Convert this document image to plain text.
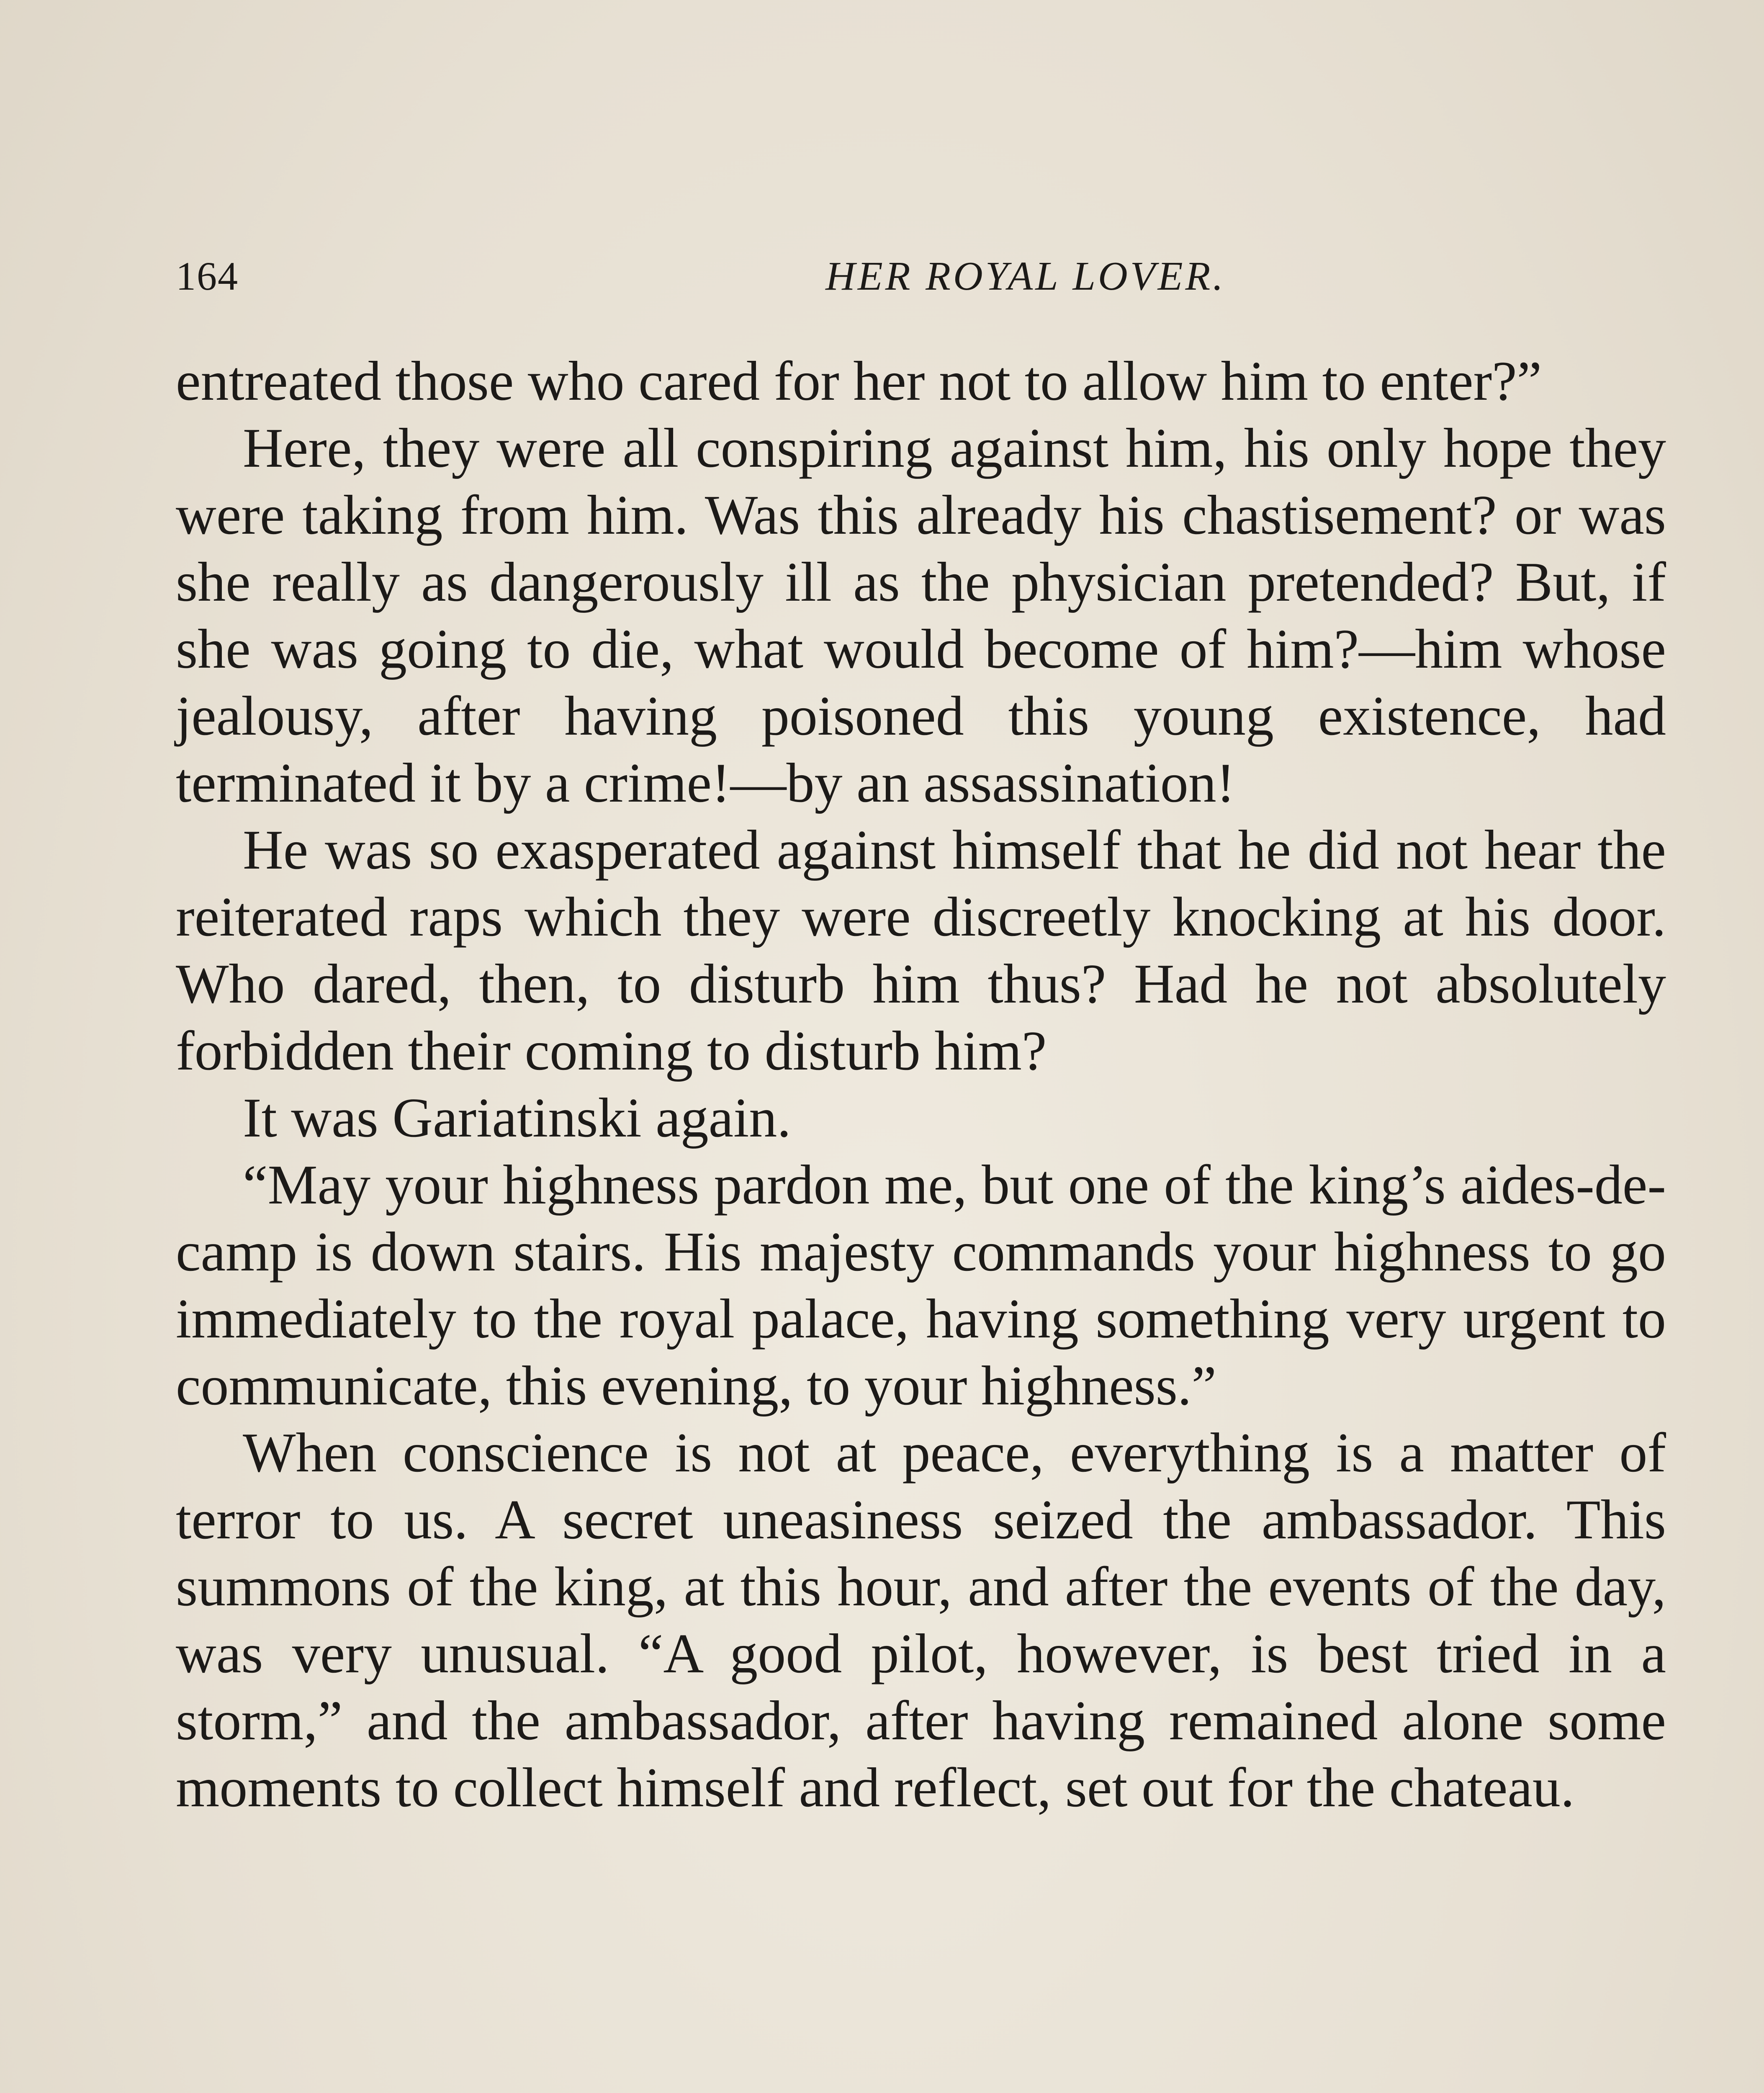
164	HER ROYAL LOVER.

entreated those who cared for her not to allow him to enter?”

Here, they were all conspiring against him, his only hope they were taking from him. Was this already his chastisement? or was she really as dangerously ill as the physician pretended? But, if she was going to die, what would become of him?—him whose jealousy, after having poisoned this young existence, had terminated it by a crime!—by an assassination!

He was so exasperated against himself that he did not hear the reiterated raps which they were discreetly knocking at his door. Who dared, then, to disturb him thus? Had he not absolutely forbidden their coming to disturb him?

It was Gariatinski again.

“May your highness pardon me, but one of the king’s aides-de-camp is down stairs. His majesty commands your highness to go immediately to the royal palace, having something very urgent to communicate, this evening, to your highness.”

When conscience is not at peace, everything is a matter of terror to us. A secret uneasiness seized the ambassador. This summons of the king, at this hour, and after the events of the day, was very unusual. “A good pilot, however, is best tried in a storm,” and the ambassador, after having remained alone some moments to collect himself and reflect, set out for the chateau.
